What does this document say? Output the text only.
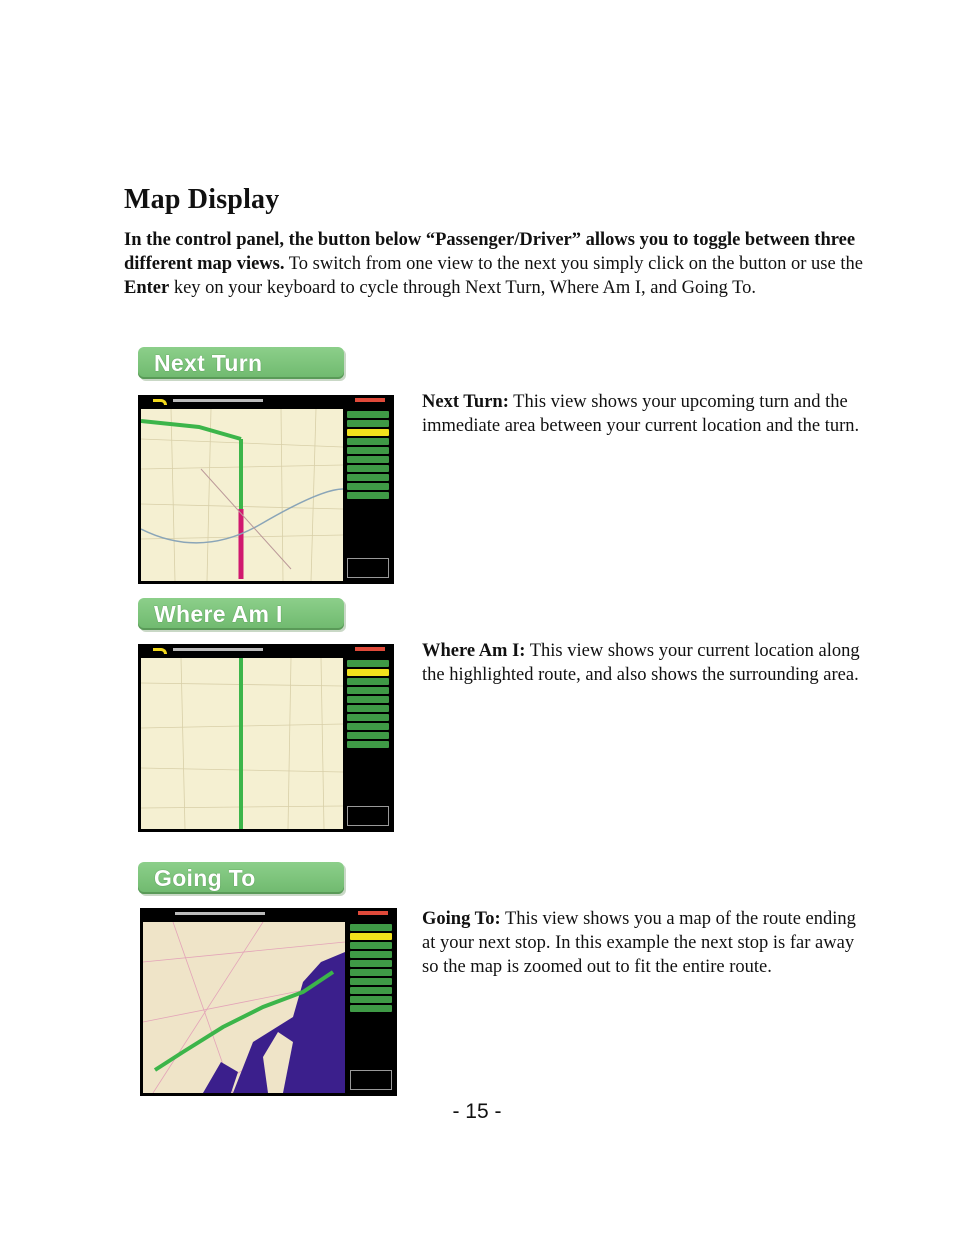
Map Display

In the control panel, the button below “Passenger/Driver” allows you to toggle between three different map views. To switch from one view to the next you simply click on the button or use the Enter key on your keyboard to cycle through Next Turn, Where Am I, and Going To.

Next Turn

Next Turn: This view shows your upcoming turn and the immediate area between your current location and the turn.

Where Am I

Where Am I: This view shows your current location along the highlighted route, and also shows the surrounding area.

Going To

Going To: This view shows you a map of the route ending at your next stop. In this example the next stop is far away so the map is zoomed out to fit the entire route.

- 15 -
